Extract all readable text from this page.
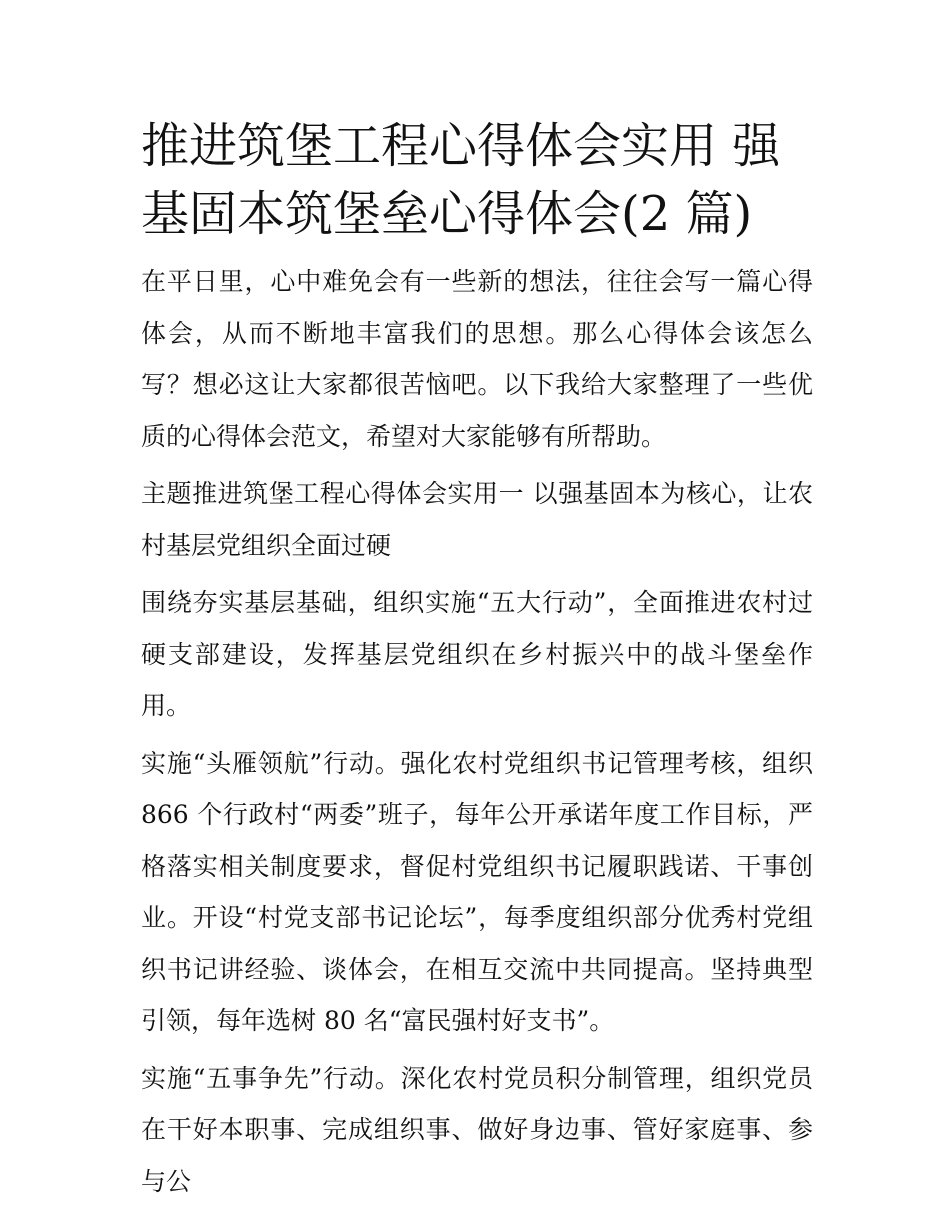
推进筑堡工程心得体会实用 强基固本筑堡垒心得体会(2 篇)

在平日里，心中难免会有一些新的想法，往往会写一篇心得体会，从而不断地丰富我们的思想。那么心得体会该怎么写？想必这让大家都很苦恼吧。以下我给大家整理了一些优质的心得体会范文，希望对大家能够有所帮助。

主题推进筑堡工程心得体会实用一 以强基固本为核心，让农村基层党组织全面过硬

围绕夯实基层基础，组织实施“五大行动”，全面推进农村过硬支部建设，发挥基层党组织在乡村振兴中的战斗堡垒作用。

实施“头雁领航”行动。强化农村党组织书记管理考核，组织 866 个行政村“两委”班子，每年公开承诺年度工作目标，严格落实相关制度要求，督促村党组织书记履职践诺、干事创业。开设“村党支部书记论坛”，每季度组织部分优秀村党组织书记讲经验、谈体会，在相互交流中共同提高。坚持典型引领，每年选树 80 名“富民强村好支书”。

实施“五事争先”行动。深化农村党员积分制管理，组织党员在干好本职事、完成组织事、做好身边事、管好家庭事、参与公
